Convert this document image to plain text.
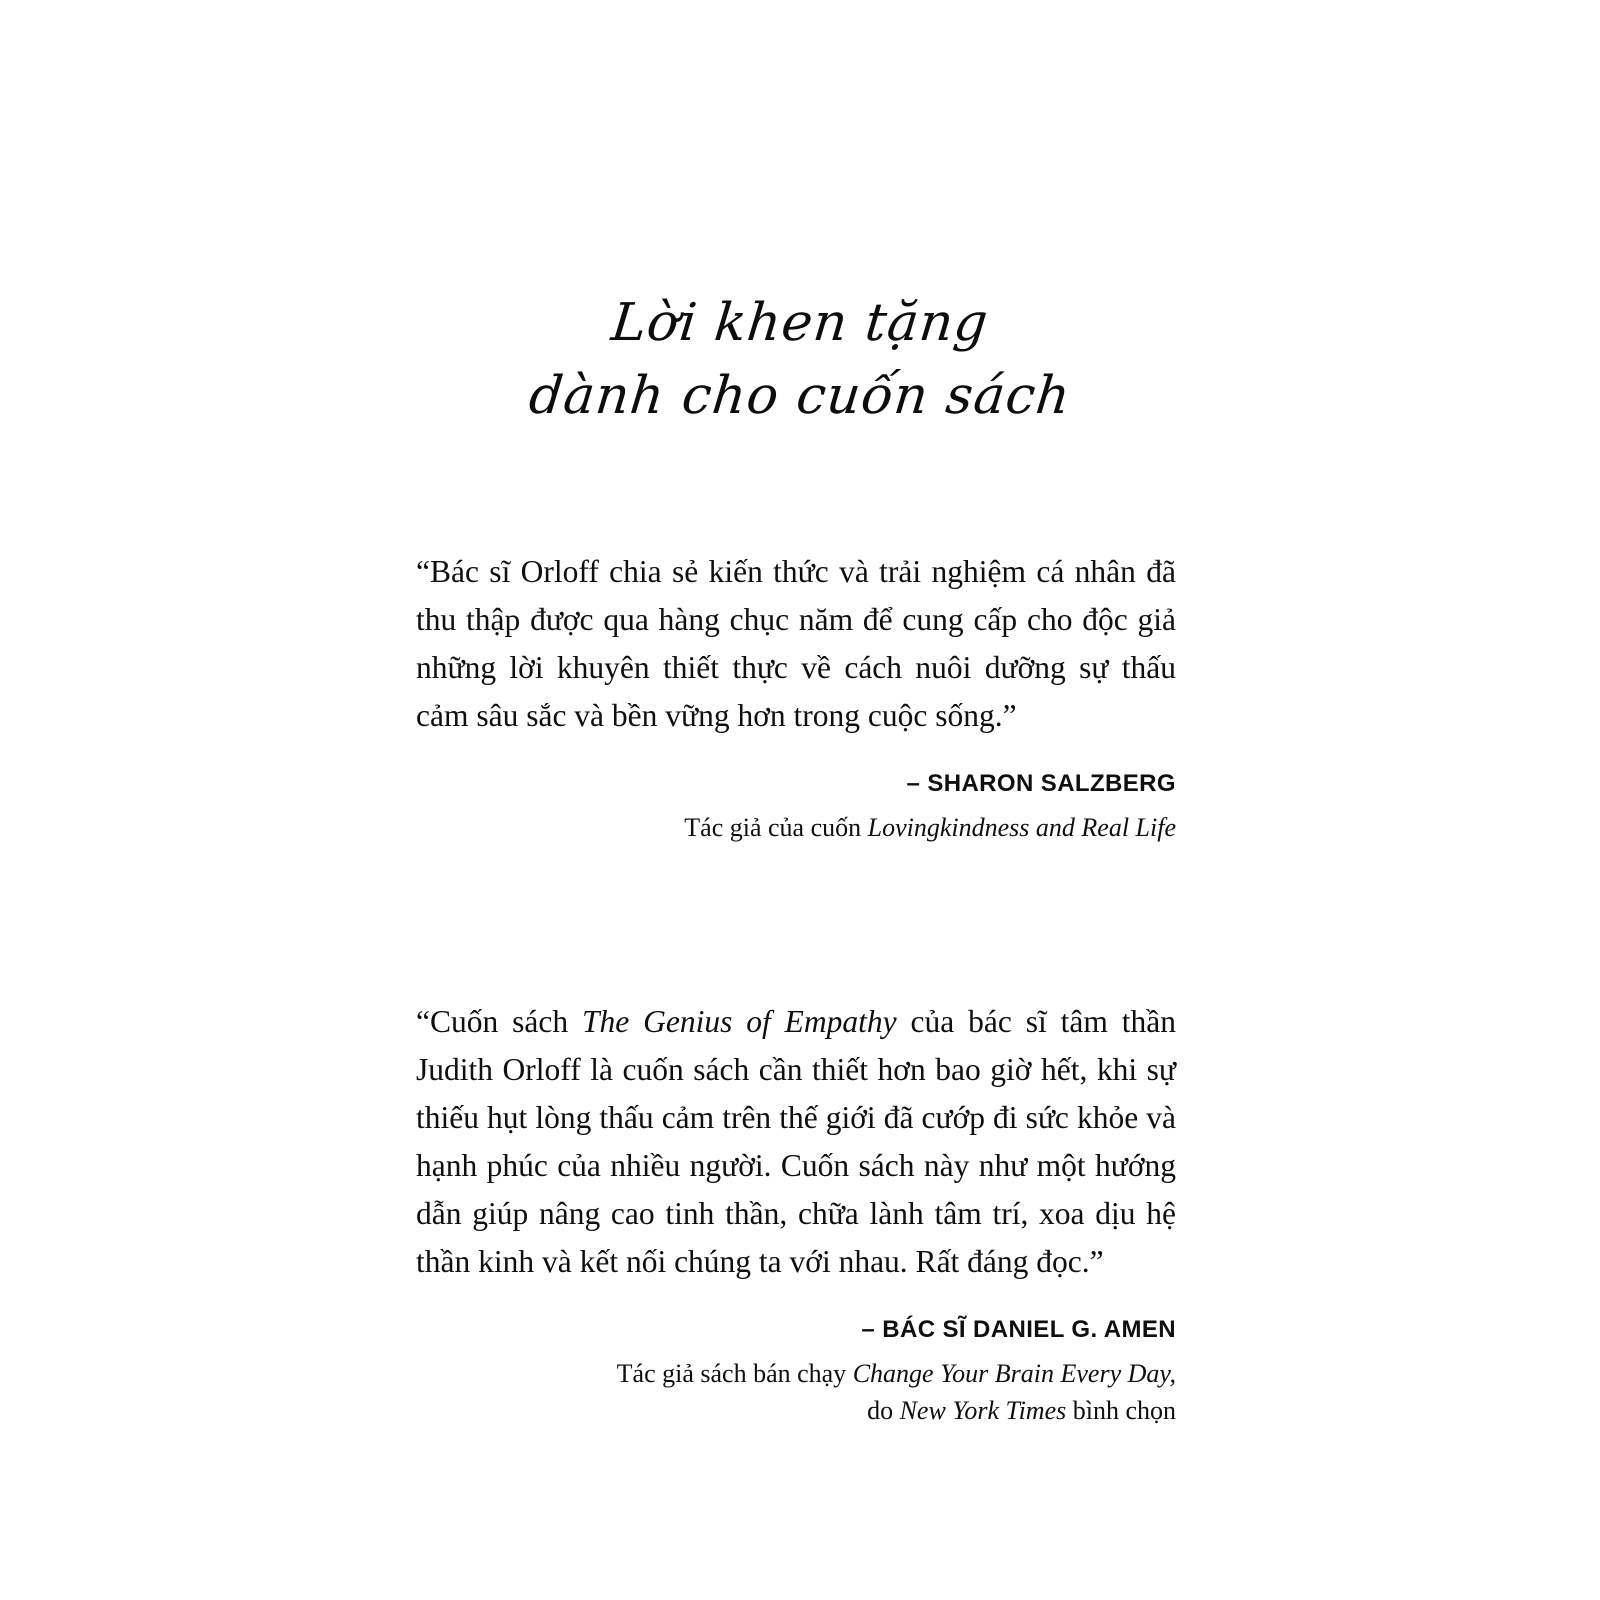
Lời khen tặng
dành cho cuốn sách

“Bác sĩ Orloff chia sẻ kiến thức và trải nghiệm cá nhân đã thu thập được qua hàng chục năm để cung cấp cho độc giả những lời khuyên thiết thực về cách nuôi dưỡng sự thấu cảm sâu sắc và bền vững hơn trong cuộc sống.”

– SHARON SALZBERG
Tác giả của cuốn Lovingkindness and Real Life

“Cuốn sách The Genius of Empathy của bác sĩ tâm thần Judith Orloff là cuốn sách cần thiết hơn bao giờ hết, khi sự thiếu hụt lòng thấu cảm trên thế giới đã cướp đi sức khỏe và hạnh phúc của nhiều người. Cuốn sách này như một hướng dẫn giúp nâng cao tinh thần, chữa lành tâm trí, xoa dịu hệ thần kinh và kết nối chúng ta với nhau. Rất đáng đọc.”

– BÁC SĨ DANIEL G. AMEN
Tác giả sách bán chạy Change Your Brain Every Day,
do New York Times bình chọn
